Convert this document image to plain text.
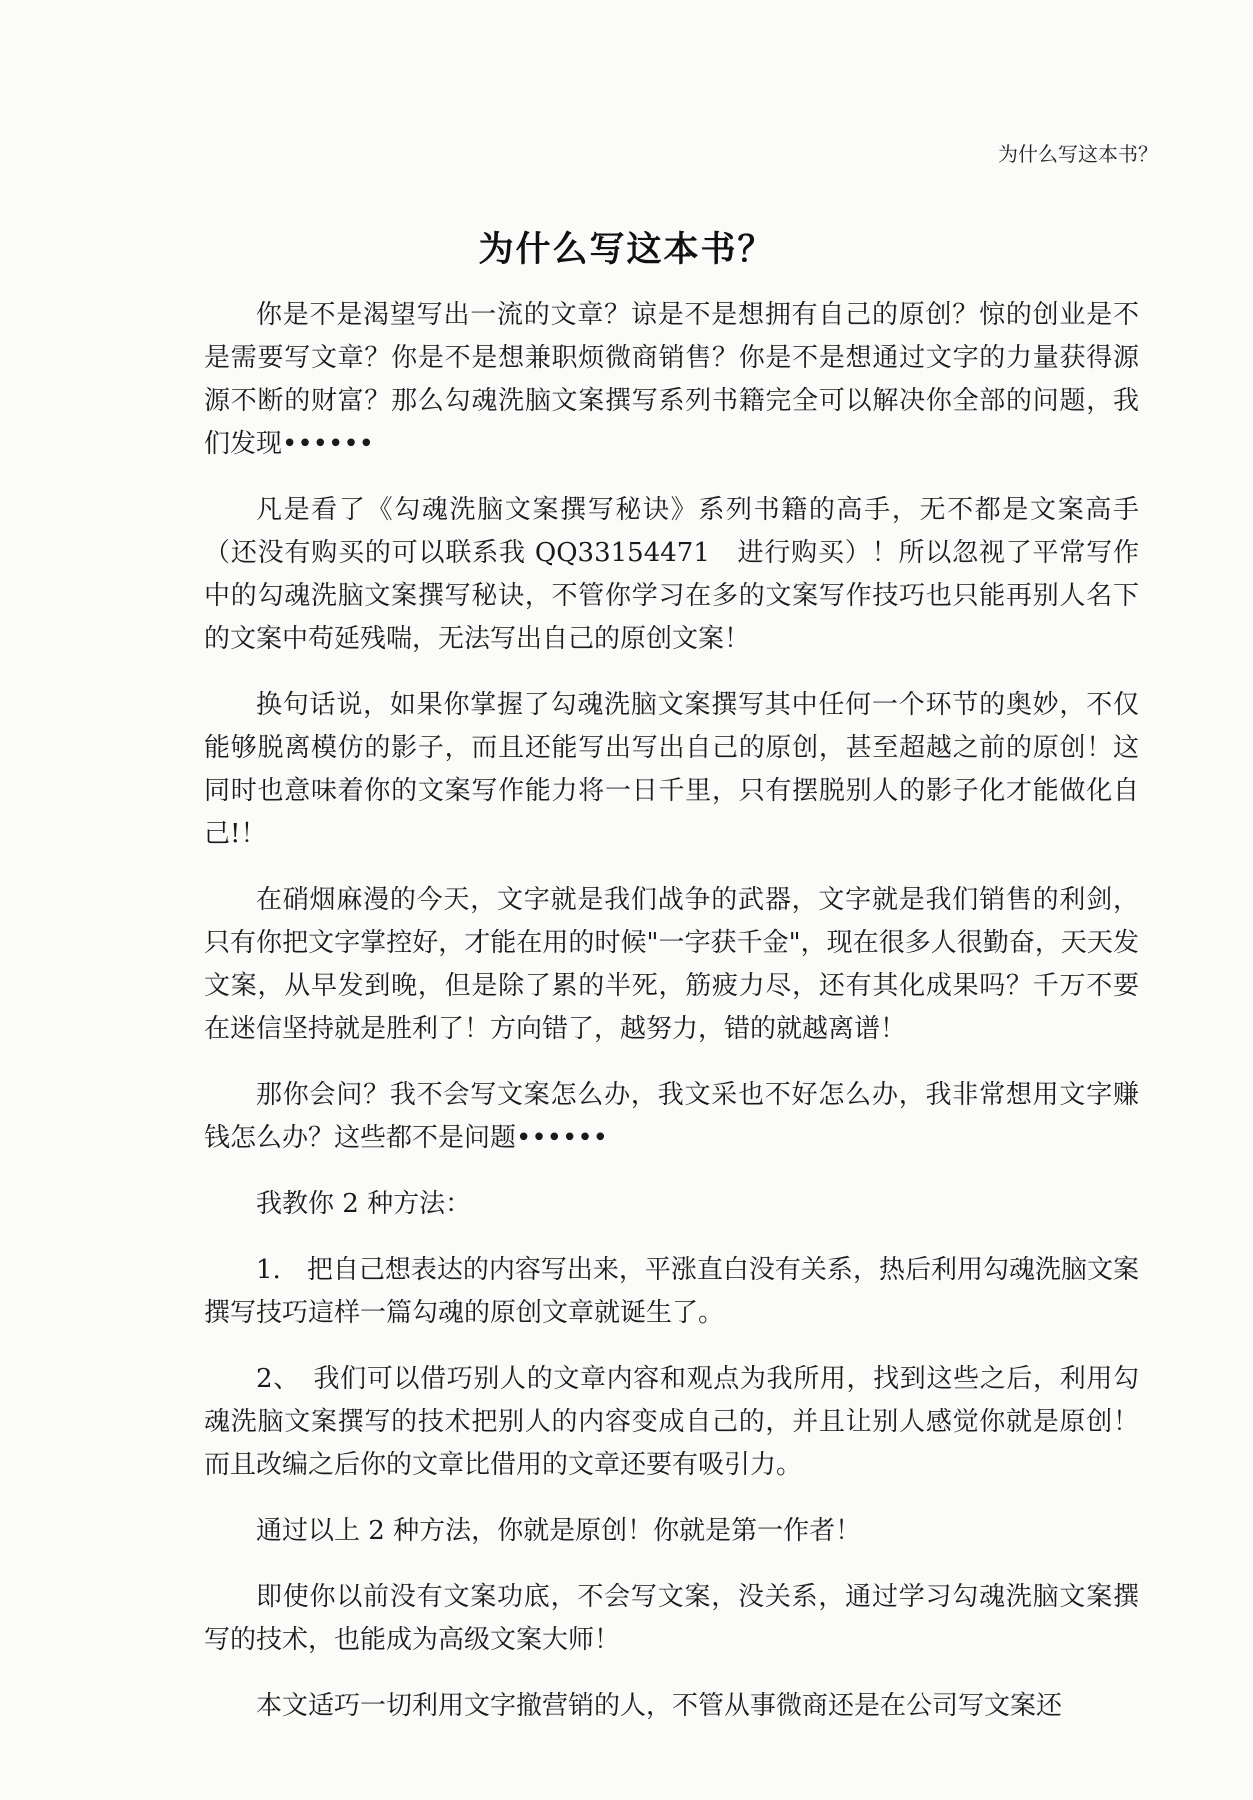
为什么写这本书？
为什么写这本书？

你是不是渴望写出一流的文章？谅是不是想拥有自己的原创？惊的创业是不是需要写文章？你是不是想兼职烦微商销售？你是不是想通过文字的力量获得源源不断的财富？那么勾魂洗脑文案撰写系列书籍完全可以解决你全部的问题，我们发现••••••

凡是看了《勾魂洗脑文案撰写秘诀》系列书籍的高手，无不都是文案高手（还没有购买的可以联系我 QQ33154471　进行购买）！所以忽视了平常写作中的勾魂洗脑文案撰写秘诀，不管你学习在多的文案写作技巧也只能再别人名下的文案中苟延残喘，无法写出自己的原创文案！

换句话说，如果你掌握了勾魂洗脑文案撰写其中任何一个环节的奥妙，不仅能够脱离模仿的影子，而且还能写出写出自己的原创，甚至超越之前的原创！这同时也意味着你的文案写作能力将一日千里，只有摆脱别人的影子化才能做化自己!！

在硝烟麻漫的今天，文字就是我们战争的武器，文字就是我们销售的利剑，只有你把文字掌控好，才能在用的时候"一字获千金"，现在很多人很勤奋，天天发文案，从早发到晚，但是除了累的半死，筋疲力尽，还有其化成果吗？千万不要在迷信坚持就是胜利了！方向错了，越努力，错的就越离谱！

那你会问？我不会写文案怎么办，我文采也不好怎么办，我非常想用文字赚钱怎么办？这些都不是问题••••••

我教你 2 种方法：

1.　把自己想表达的内容写出来，平涨直白没有关系，热后利用勾魂洗脑文案撰写技巧這样一篇勾魂的原创文章就诞生了。

2、　我们可以借巧别人的文章内容和观点为我所用，找到这些之后，利用勾魂洗脑文案撰写的技术把别人的内容变成自己的，并且让别人感觉你就是原创！而且改编之后你的文章比借用的文章还要有吸引力。

通过以上 2 种方法，你就是原创！你就是第一作者！

即使你以前没有文案功底，不会写文案，没关系，通过学习勾魂洗脑文案撰写的技术，也能成为高级文案大师！

本文适巧一切利用文字撤营销的人，不管从事微商还是在公司写文案还
